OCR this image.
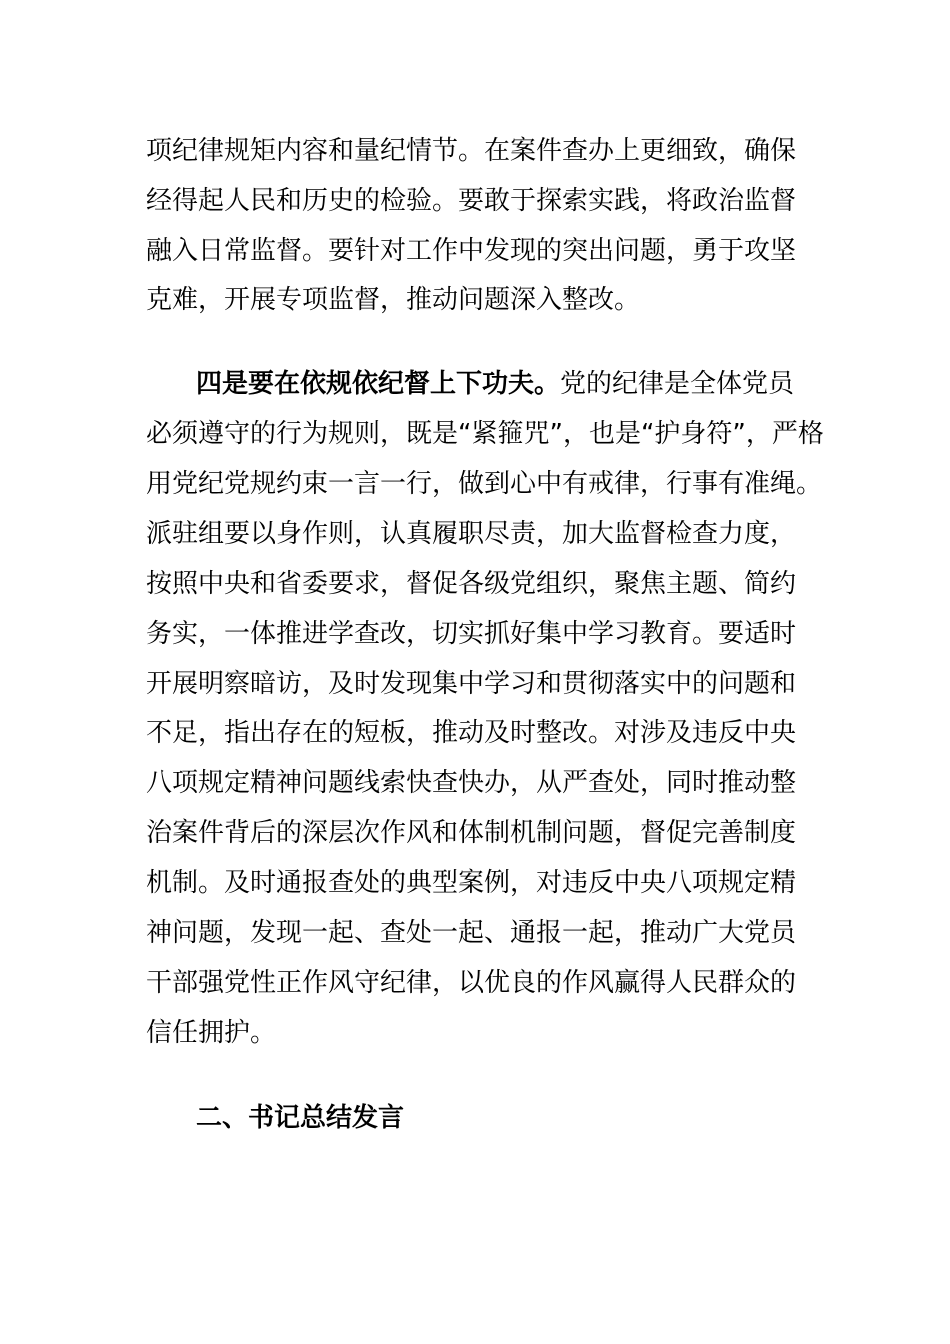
项纪律规矩内容和量纪情节。在案件查办上更细致，确保
经得起人民和历史的检验。要敢于探索实践，将政治监督
融入日常监督。要针对工作中发现的突出问题，勇于攻坚
克难，开展专项监督，推动问题深入整改。
四是要在依规依纪督上下功夫。党的纪律是全体党员
必须遵守的行为规则，既是“紧箍咒”，也是“护身符”，严格
用党纪党规约束一言一行，做到心中有戒律，行事有准绳。
派驻组要以身作则，认真履职尽责，加大监督检查力度，
按照中央和省委要求，督促各级党组织，聚焦主题、简约
务实，一体推进学查改，切实抓好集中学习教育。要适时
开展明察暗访，及时发现集中学习和贯彻落实中的问题和
不足，指出存在的短板，推动及时整改。对涉及违反中央
八项规定精神问题线索快查快办，从严查处，同时推动整
治案件背后的深层次作风和体制机制问题，督促完善制度
机制。及时通报查处的典型案例，对违反中央八项规定精
神问题，发现一起、查处一起、通报一起，推动广大党员
干部强党性正作风守纪律，以优良的作风赢得人民群众的
信任拥护。
二、书记总结发言
